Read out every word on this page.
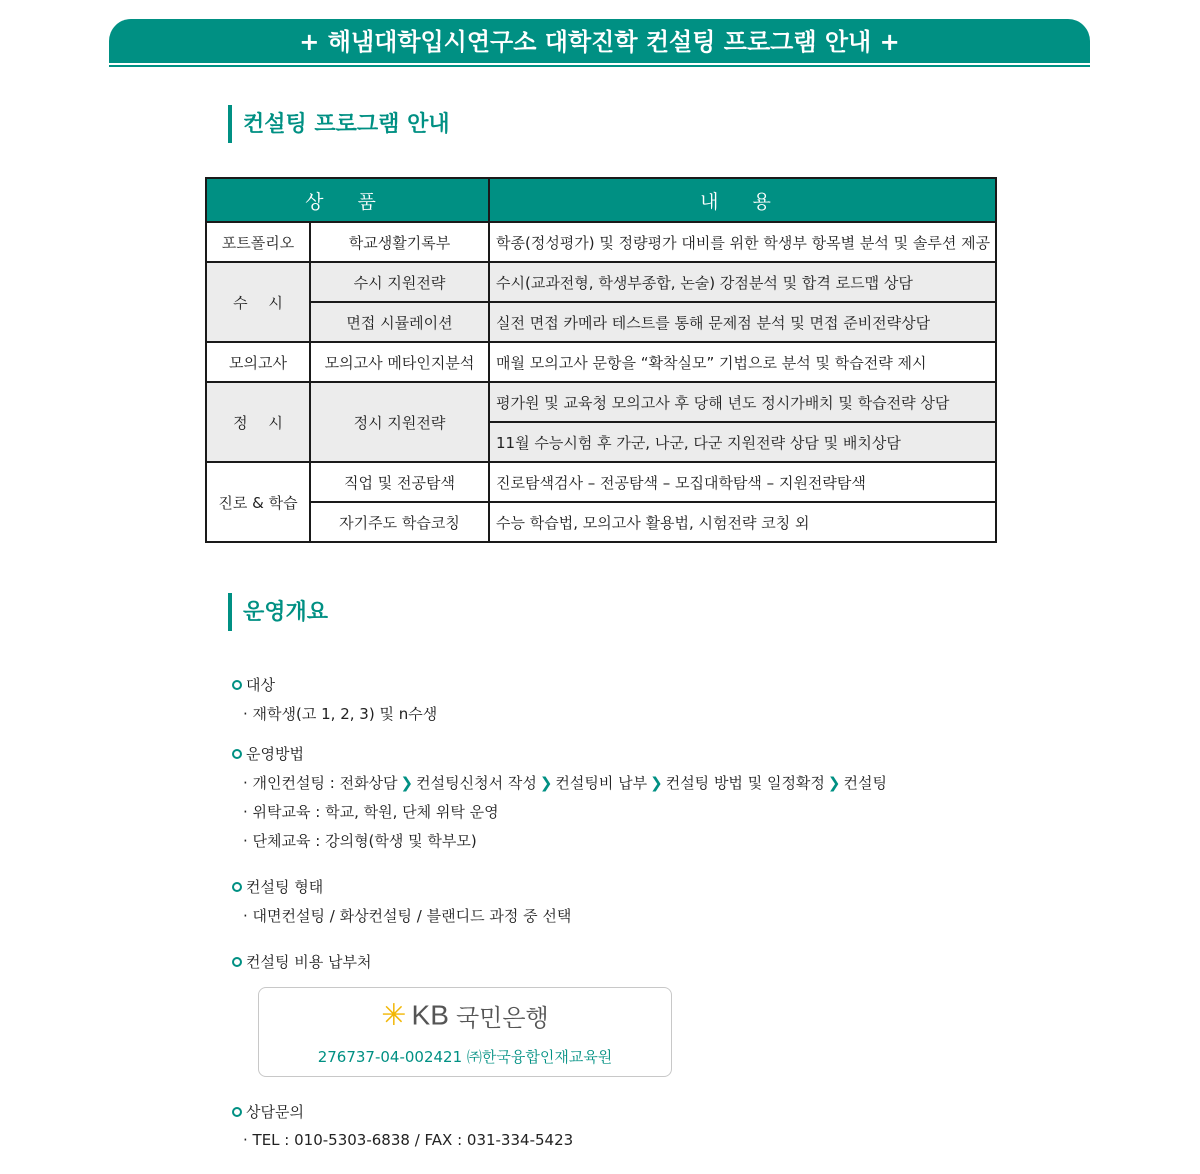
+ 해냄대학입시연구소 대학진학 컨설팅 프로그램 안내 +
컨설팅 프로그램 안내
상 품		내 용
포트폴리오	학교생활기록부	학종(정성평가) 및 정량평가 대비를 위한 학생부 항목별 분석 및 솔루션 제공
수 시	수시 지원전략	수시(교과전형, 학생부종합, 논술) 강점분석 및 합격 로드맵 상담
	면접 시뮬레이션	실전 면접 카메라 테스트를 통해 문제점 분석 및 면접 준비전략상담
모의고사	모의고사 메타인지분석	매월 모의고사 문항을 “확착실모” 기법으로 분석 및 학습전략 제시
정 시	정시 지원전략	평가원 및 교육청 모의고사 후 당해 년도 정시가배치 및 학습전략 상담
		11월 수능시험 후 가군, 나군, 다군 지원전략 상담 및 배치상담
진로 & 학습	직업 및 전공탐색	진로탐색검사 – 전공탐색 – 모집대학탐색 – 지원전략탐색
	자기주도 학습코칭	수능 학습법, 모의고사 활용법, 시험전략 코칭 외
운영개요
대상
· 재학생(고 1, 2, 3) 및 n수생
운영방법
· 개인컨설팅 : 전화상담 ❯ 컨설팅신청서 작성 ❯ 컨설팅비 납부 ❯ 컨설팅 방법 및 일정확정 ❯ 컨설팅
· 위탁교육 : 학교, 학원, 단체 위탁 운영
· 단체교육 : 강의형(학생 및 학부모)
컨설팅 형태
· 대면컨설팅 / 화상컨설팅 / 블랜디드 과정 중 선택
컨설팅 비용 납부처
✳ KB 국민은행
276737-04-002421 ㈜한국융합인재교육원
상담문의
· TEL : 010-5303-6838 / FAX : 031-334-5423
